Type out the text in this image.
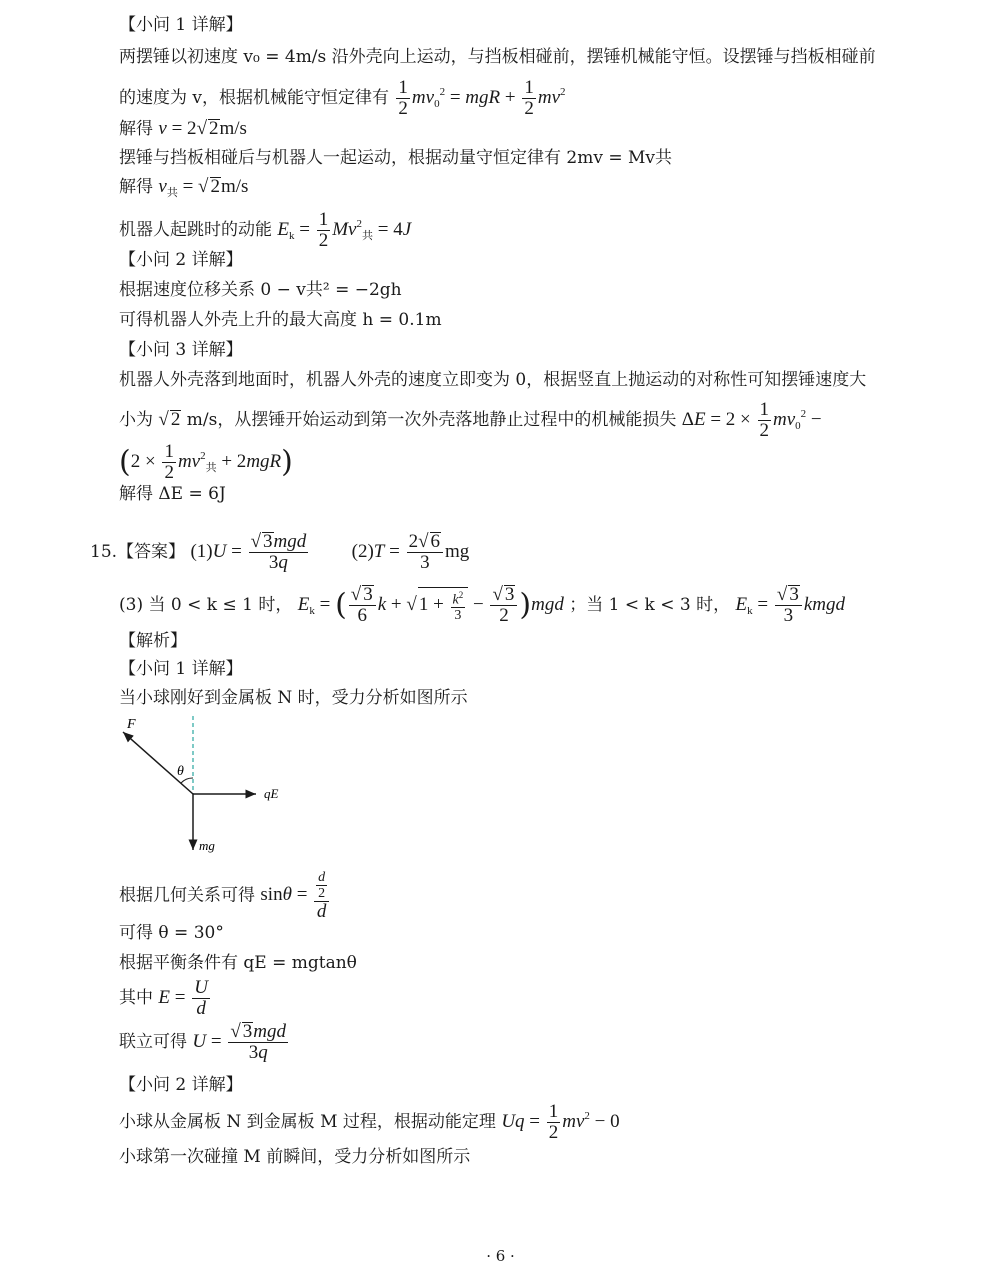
【小问 1 详解】
两摆锤以初速度 v₀ = 4m/s 沿外壳向上运动，与挡板相碰前，摆锤机械能守恒。设摆锤与挡板相碰前
的速度为 v，根据机械能守恒定律有 $\frac{1}{2} mv_0^2$ = mgR + $\frac{1}{2} mv^2$
解得 v = 2√ 2m/s
摆锤与挡板相碰后与机器人一起运动，根据动量守恒定律有 2mv = Mv共
解得 $v_共$ = √ 2m/s
机器人起跳时的动能 $E_k = \frac{1}{2} Mv^2_共 = 4J$
【小问 2 详解】
根据速度位移关系 0 − v共² = −2gh
可得机器人外壳上升的最大高度 h = 0.1m
【小问 3 详解】
机器人外壳落到地面时，机器人外壳的速度立即变为 0，根据竖直上抛运动的对称性可知摆锤速度大
小为 √ 2 m/s，从摆锤开始运动到第一次外壳落地静止过程中的机械能损失 $\Delta E = 2 \times \frac{1}{2} mv_0^2$ −
$(2 \times \frac{1}{2} mv^2_共 + 2mgR)$
解得 ΔE = 6J
15.【答案】 $(1)U = \frac{\text{√ 3mgd}}{3q} (2)T = \frac{2√ 6}{3}$ mg
(3) 当 0 < k ≤ 1 时， $E_k$ = ( $\frac{√ 3}{6}$ k + √ $1 + \frac{k^2}{3} - \frac{√ 3}{2} )mgd$ ；当 1 < k < 3 时， $E_k = \frac{√ 3}{3}$ kmgd
【解析】
【小问 1 详解】
当小球刚好到金属板 N 时，受力分析如图所示
F
θ
qE
mg
根据几何关系可得 $\sin\theta = \frac{\frac{d}{2}}{d}$
可得 θ = 30°
根据平衡条件有 qE = mgtanθ
其中 $E = \frac{U}{d}$
联立可得 $U = \frac{\text{√ 3mgd}}{3q}$
【小问 2 详解】
小球从金属板 N 到金属板 M 过程，根据动能定理 $Uq = \frac{1}{2} mv^2 - 0$
小球第一次碰撞 M 前瞬间，受力分析如图所示
· 6 ·
